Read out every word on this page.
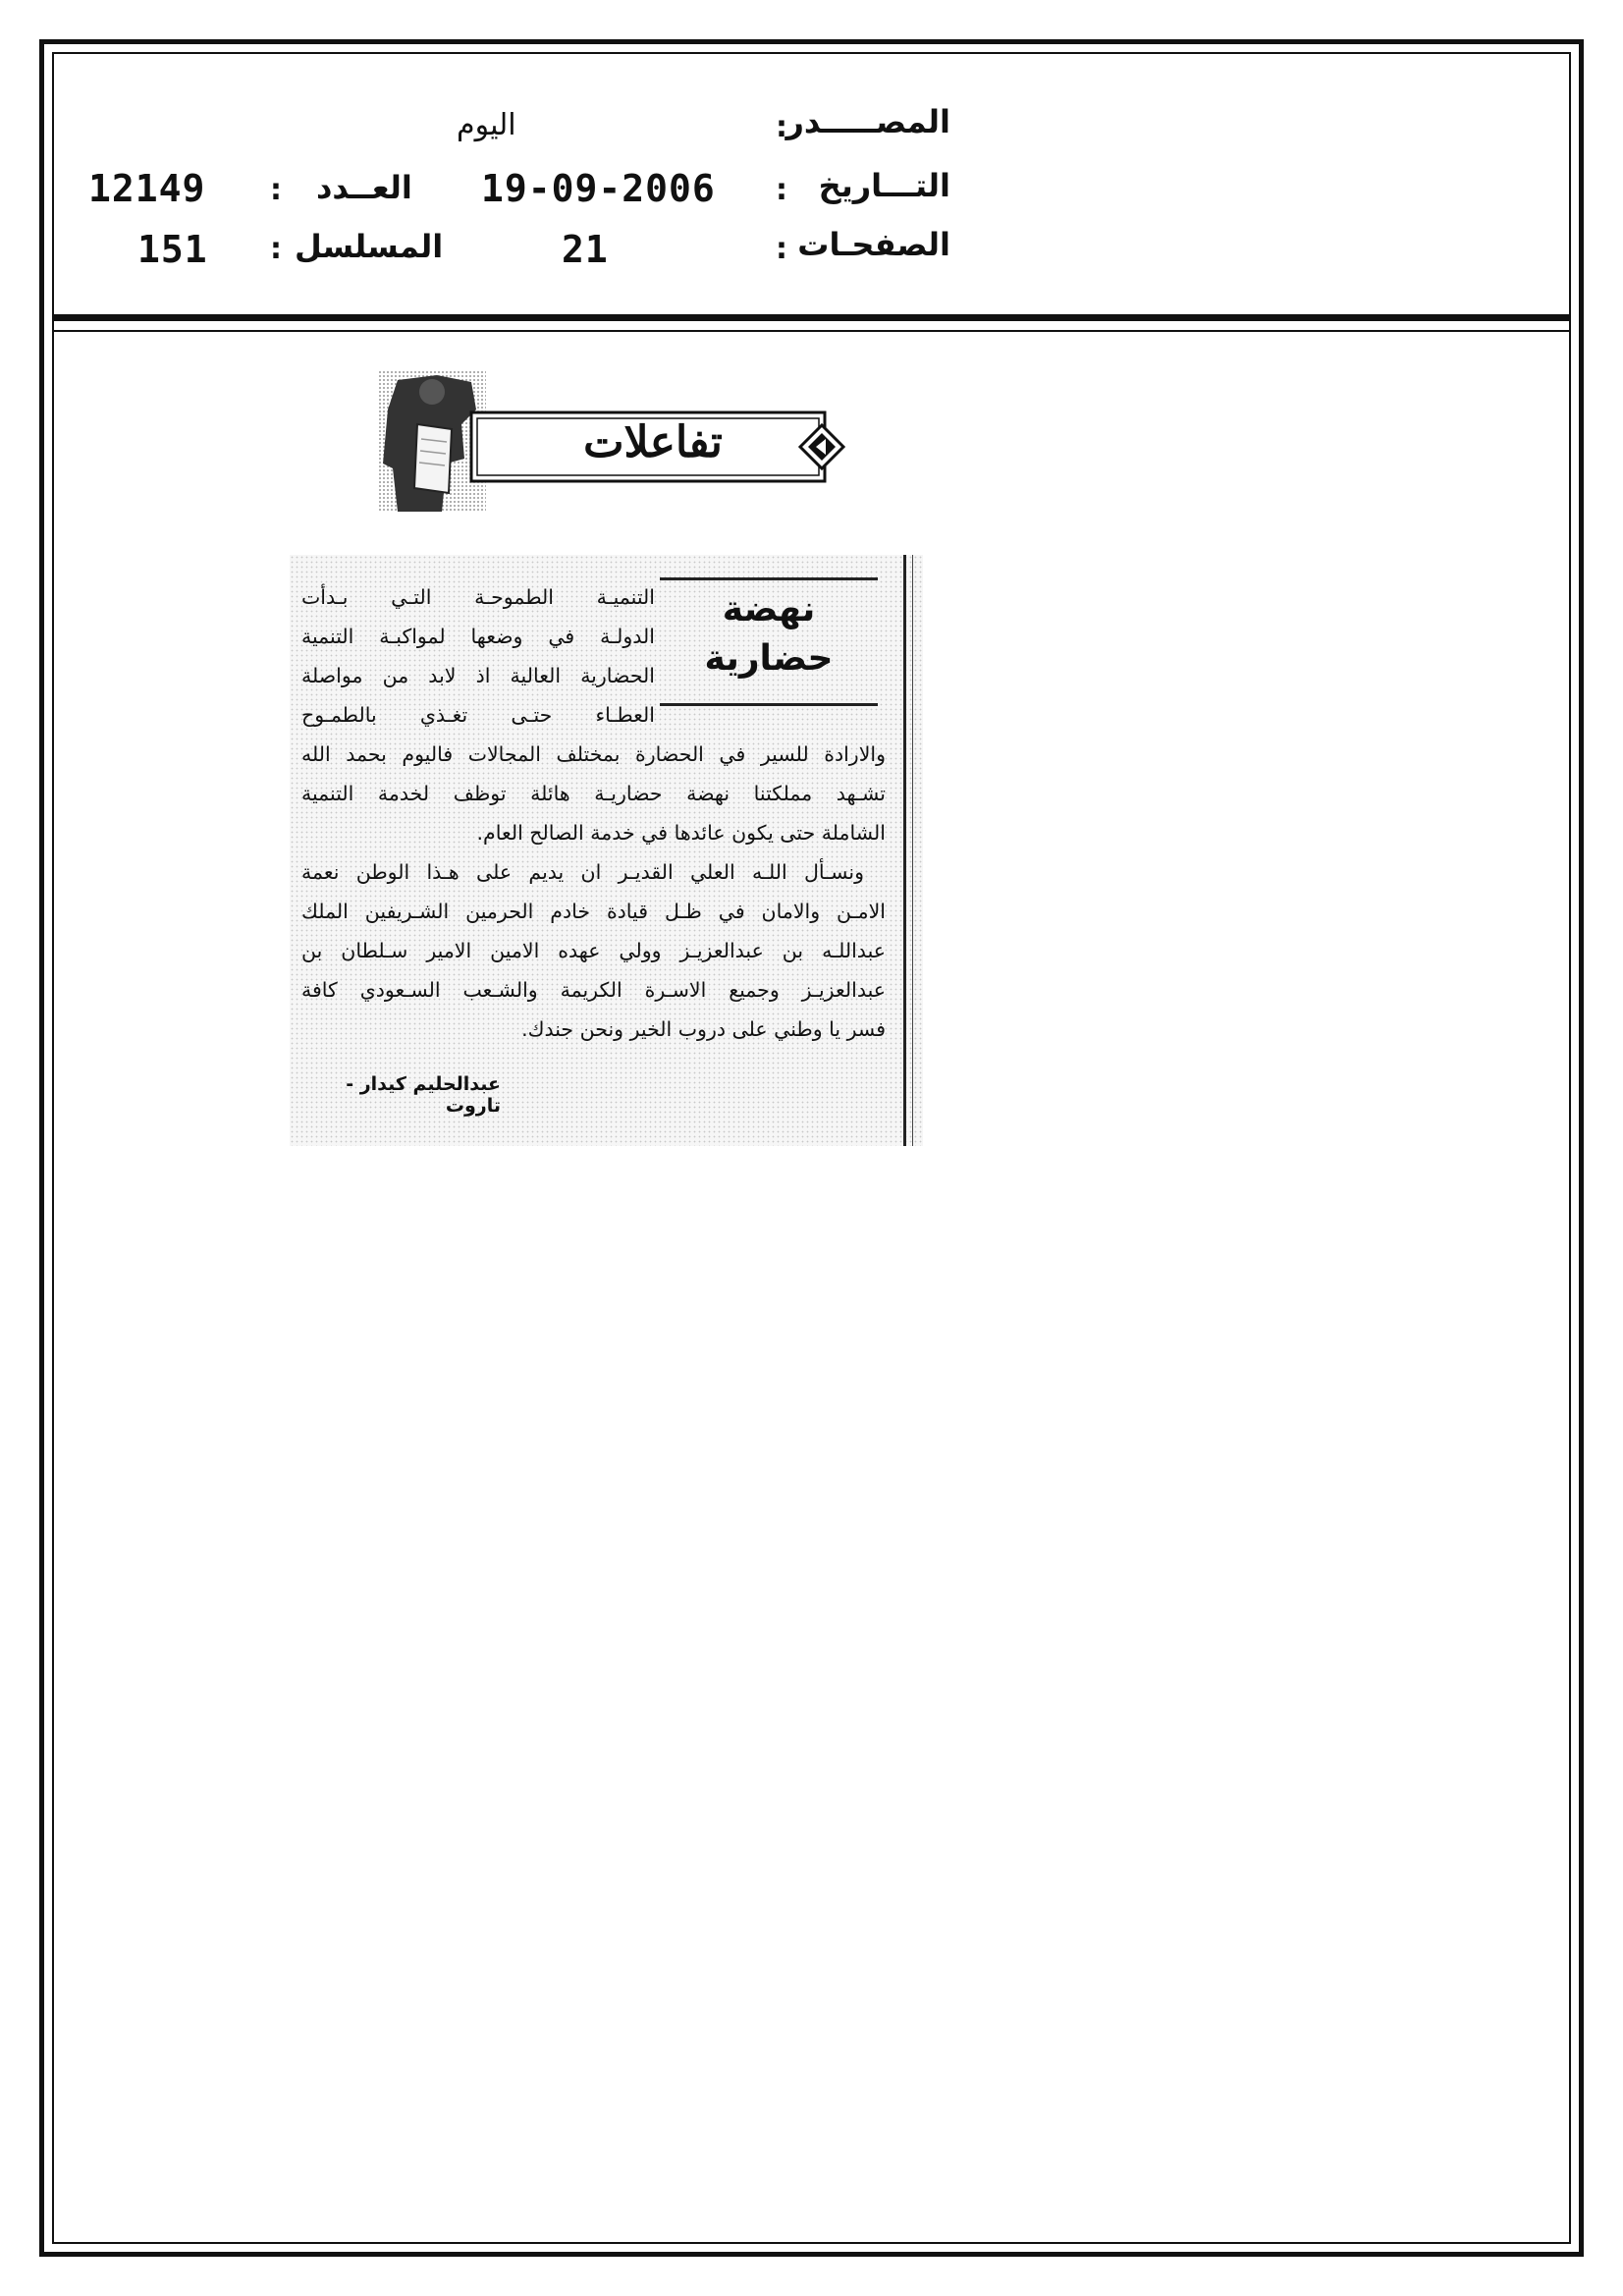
المصـــــدر
:
اليوم
التـــاريخ
:
19-09-2006
العــدد
:
12149
الصفحـات
:
21
المسلسل
:
151
تفاعلات
نهضة
حضارية
التنميـة الطموحـة التـي بـدأت
الدولـة في وضعها لمواكبـة التنمية
الحضارية العالية اذ لابد من مواصلة
العطـاء حتـى تغـذي بالطمـوح
والارادة للسير في الحضارة بمختلف المجالات فاليوم بحمد الله
تشـهد مملكتنا نهضة حضاريـة هائلة توظف لخدمة التنمية
الشاملة حتى يكون عائدها في خدمة الصالح العام.
ونسـأل اللـه العلي القديـر ان يديم على هـذا الوطن نعمة
الامـن والامان في ظـل قيادة خادم الحرمين الشـريفين الملك
عبداللـه بن عبدالعزيـز وولي عهده الامين الامير سـلطان بن
عبدالعزيـز وجميع الاسـرة الكريمة والشـعب السـعودي كافة
فسر يا وطني على دروب الخير ونحن جندك.
عبدالحليم كيدار - تاروت
